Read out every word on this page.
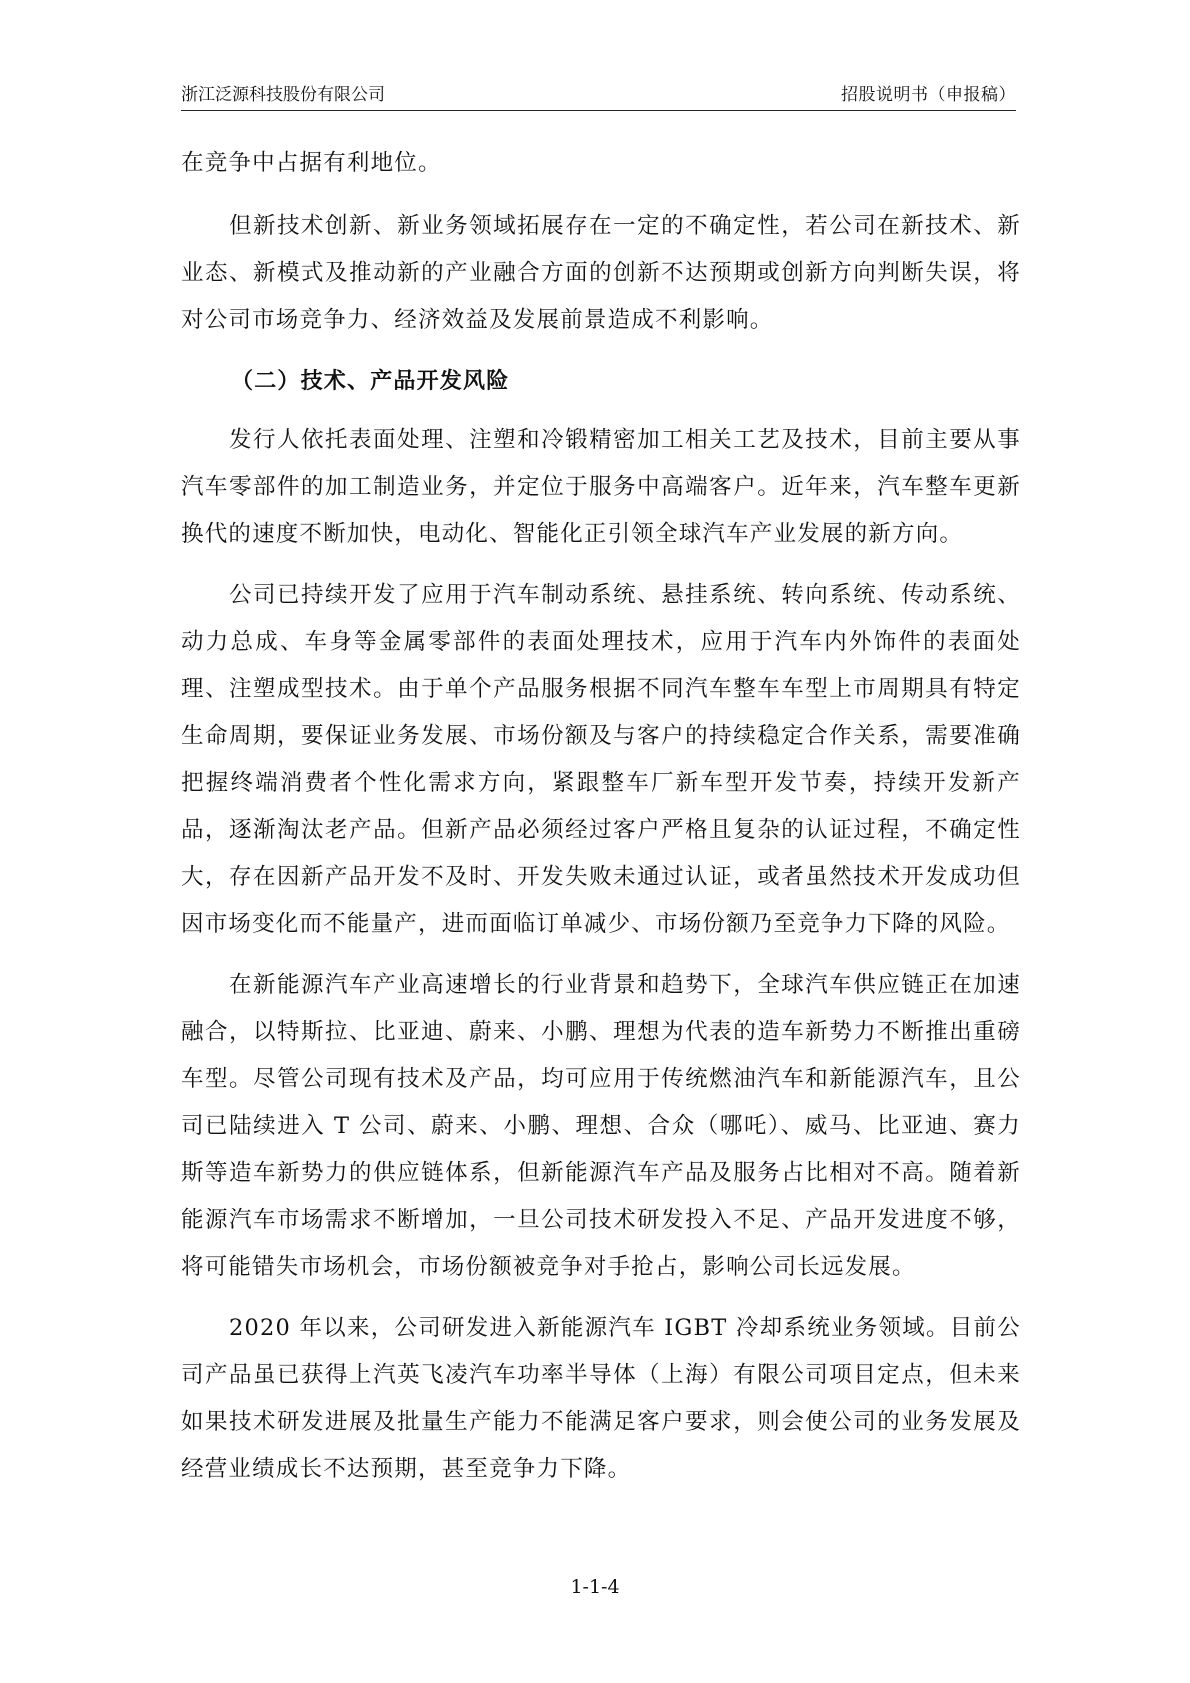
浙江泛源科技股份有限公司	招股说明书（申报稿）

在竞争中占据有利地位。

但新技术创新、新业务领域拓展存在一定的不确定性，若公司在新技术、新业态、新模式及推动新的产业融合方面的创新不达预期或创新方向判断失误，将对公司市场竞争力、经济效益及发展前景造成不利影响。

（二）技术、产品开发风险

发行人依托表面处理、注塑和冷锻精密加工相关工艺及技术，目前主要从事汽车零部件的加工制造业务，并定位于服务中高端客户。近年来，汽车整车更新换代的速度不断加快，电动化、智能化正引领全球汽车产业发展的新方向。

公司已持续开发了应用于汽车制动系统、悬挂系统、转向系统、传动系统、动力总成、车身等金属零部件的表面处理技术，应用于汽车内外饰件的表面处理、注塑成型技术。由于单个产品服务根据不同汽车整车车型上市周期具有特定生命周期，要保证业务发展、市场份额及与客户的持续稳定合作关系，需要准确把握终端消费者个性化需求方向，紧跟整车厂新车型开发节奏，持续开发新产品，逐渐淘汰老产品。但新产品必须经过客户严格且复杂的认证过程，不确定性大，存在因新产品开发不及时、开发失败未通过认证，或者虽然技术开发成功但因市场变化而不能量产，进而面临订单减少、市场份额乃至竞争力下降的风险。

在新能源汽车产业高速增长的行业背景和趋势下，全球汽车供应链正在加速融合，以特斯拉、比亚迪、蔚来、小鹏、理想为代表的造车新势力不断推出重磅车型。尽管公司现有技术及产品，均可应用于传统燃油汽车和新能源汽车，且公司已陆续进入 T 公司、蔚来、小鹏、理想、合众（哪吒）、威马、比亚迪、赛力斯等造车新势力的供应链体系，但新能源汽车产品及服务占比相对不高。随着新能源汽车市场需求不断增加，一旦公司技术研发投入不足、产品开发进度不够，将可能错失市场机会，市场份额被竞争对手抢占，影响公司长远发展。

2020 年以来，公司研发进入新能源汽车 IGBT 冷却系统业务领域。目前公司产品虽已获得上汽英飞凌汽车功率半导体（上海）有限公司项目定点，但未来如果技术研发进展及批量生产能力不能满足客户要求，则会使公司的业务发展及经营业绩成长不达预期，甚至竞争力下降。

1-1-4
